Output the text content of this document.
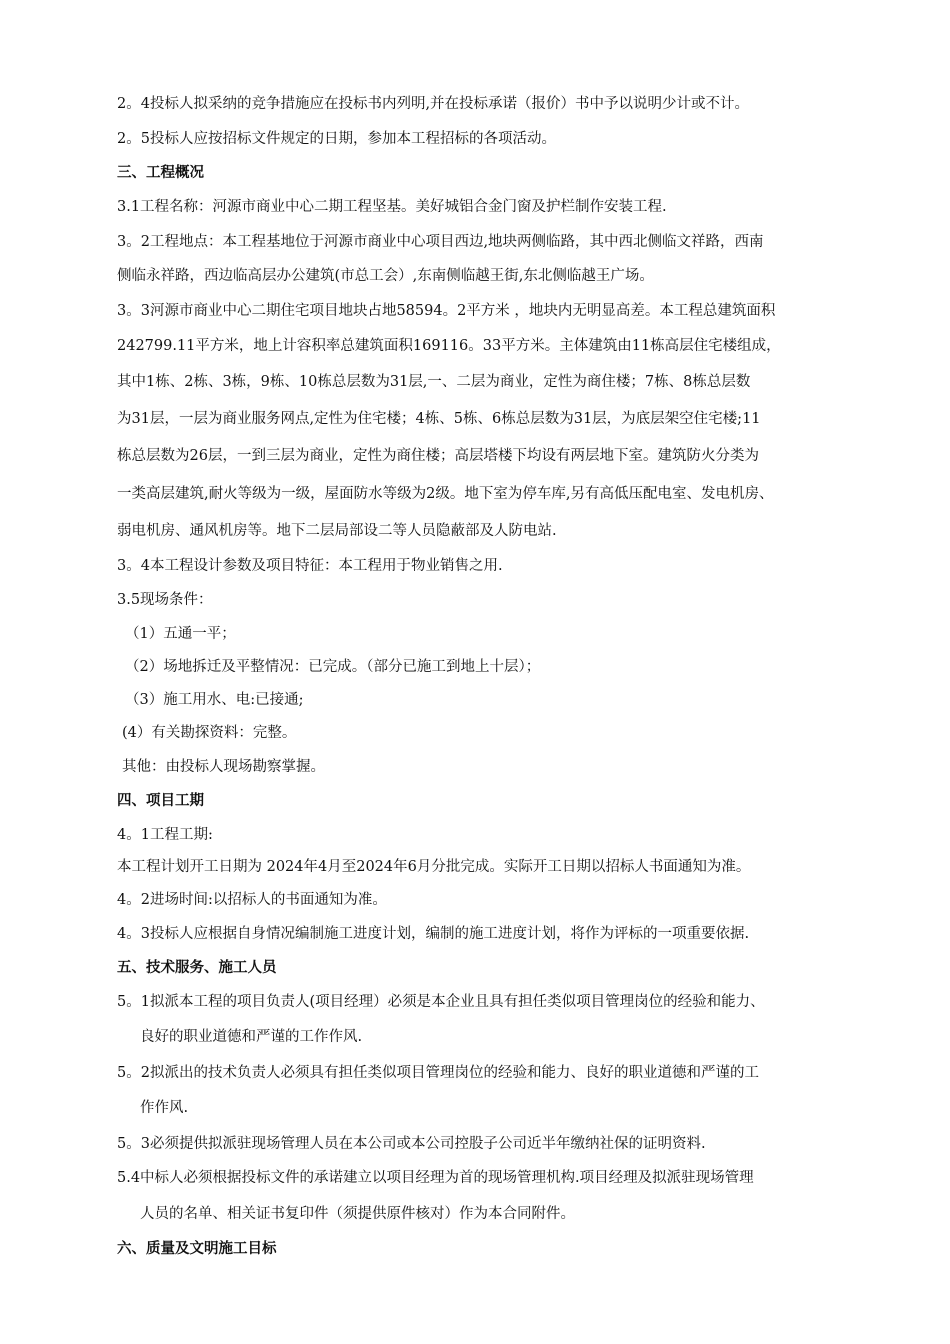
2。4投标人拟采纳的竞争措施应在投标书内列明,并在投标承诺（报价）书中予以说明少计或不计。
2。5投标人应按招标文件规定的日期，参加本工程招标的各项活动。
三、工程概况
3.1工程名称：河源市商业中心二期工程坚基。美好城铝合金门窗及护栏制作安装工程.
3。2工程地点：本工程基地位于河源市商业中心项目西边,地块两侧临路，其中西北侧临文祥路，西南
侧临永祥路，西边临高层办公建筑(市总工会）,东南侧临越王街,东北侧临越王广场。
3。3河源市商业中心二期住宅项目地块占地58594。2平方米 ，地块内无明显高差。本工程总建筑面积
242799.11平方米，地上计容积率总建筑面积169116。33平方米。主体建筑由11栋高层住宅楼组成，
其中1栋、2栋、3栋，9栋、10栋总层数为31层,一、二层为商业，定性为商住楼；7栋、8栋总层数
为31层，一层为商业服务网点,定性为住宅楼；4栋、5栋、6栋总层数为31层，为底层架空住宅楼;11
栋总层数为26层，一到三层为商业，定性为商住楼；高层塔楼下均设有两层地下室。建筑防火分类为
一类高层建筑,耐火等级为一级，屋面防水等级为2级。地下室为停车库,另有高低压配电室、发电机房、
弱电机房、通风机房等。地下二层局部设二等人员隐蔽部及人防电站.
3。4本工程设计参数及项目特征：本工程用于物业销售之用.
3.5现场条件：
（1）五通一平；
（2）场地拆迁及平整情况：已完成。（部分已施工到地上十层）；
（3）施工用水、电:已接通;
(4）有关勘探资料：完整。
其他：由投标人现场勘察掌握。
四、项目工期
4。1工程工期:
本工程计划开工日期为 2024年4月至2024年6月分批完成。实际开工日期以招标人书面通知为准。
4。2进场时间:以招标人的书面通知为准。
4。3投标人应根据自身情况编制施工进度计划，编制的施工进度计划，将作为评标的一项重要依据.
五、技术服务、施工人员
5。1拟派本工程的项目负责人(项目经理）必须是本企业且具有担任类似项目管理岗位的经验和能力、
良好的职业道德和严谨的工作作风.
5。2拟派出的技术负责人必须具有担任类似项目管理岗位的经验和能力、良好的职业道德和严谨的工
作作风.
5。3必须提供拟派驻现场管理人员在本公司或本公司控股子公司近半年缴纳社保的证明资料.
5.4中标人必须根据投标文件的承诺建立以项目经理为首的现场管理机构.项目经理及拟派驻现场管理
人员的名单、相关证书复印件（须提供原件核对）作为本合同附件。
六、质量及文明施工目标
